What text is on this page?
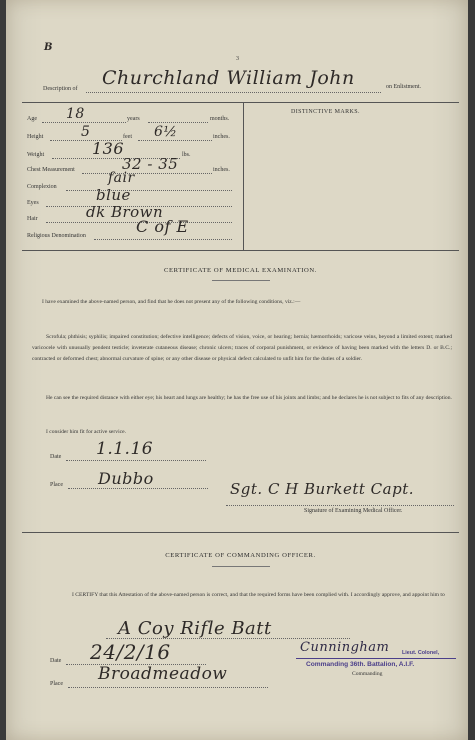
3
B
Description of Churchland William John	on Enlistment.
DISTINCTIVE MARKS.
Age 18	years	months.
Height	5	feet 6½	inches.
Weight	136	lbs.
Chest Measurement	32 - 35	inches.
Complexion
fair
Eyes	blue
Hair	dk Brown
Religious Denomination	C of E
CERTIFICATE OF MEDICAL EXAMINATION.
I have examined the above-named person, and find that he does not present any of the following conditions, viz.:—
Scrofula; phthisis; syphilis; impaired constitution; defective intelligence; defects of vision, voice, or hearing; hernia; hæmorrhoids; varicose veins, beyond a limited extent; marked varicocele with unusually pendent testicle; inveterate cutaneous disease; chronic ulcers; traces of corporal punishment, or evidence of having been marked with the letters D. or B.C.; contracted or deformed chest; abnormal curvature of spine; or any other disease or physical defect calculated to unfit him for the duties of a soldier.
He can see the required distance with either eye; his heart and lungs are healthy; he has the free use of his joints and limbs; and he declares he is not subject to fits of any description.
I consider him fit for active service.
Date 1.1.16
Place Dubbo
Sgt. C H Burkett Capt.
Signature of Examining Medical Officer.
CERTIFICATE OF COMMANDING OFFICER.
I CERTIFY that this Attestation of the above-named person is correct, and that the required forms have been complied with. I accordingly approve, and appoint him to
A Coy Rifle Batt
Date 24/2/16
Place Broadmeadow
Cunningham Lieut. Colonel,
Commanding 36th. Battalion, A.I.F.
Commanding
